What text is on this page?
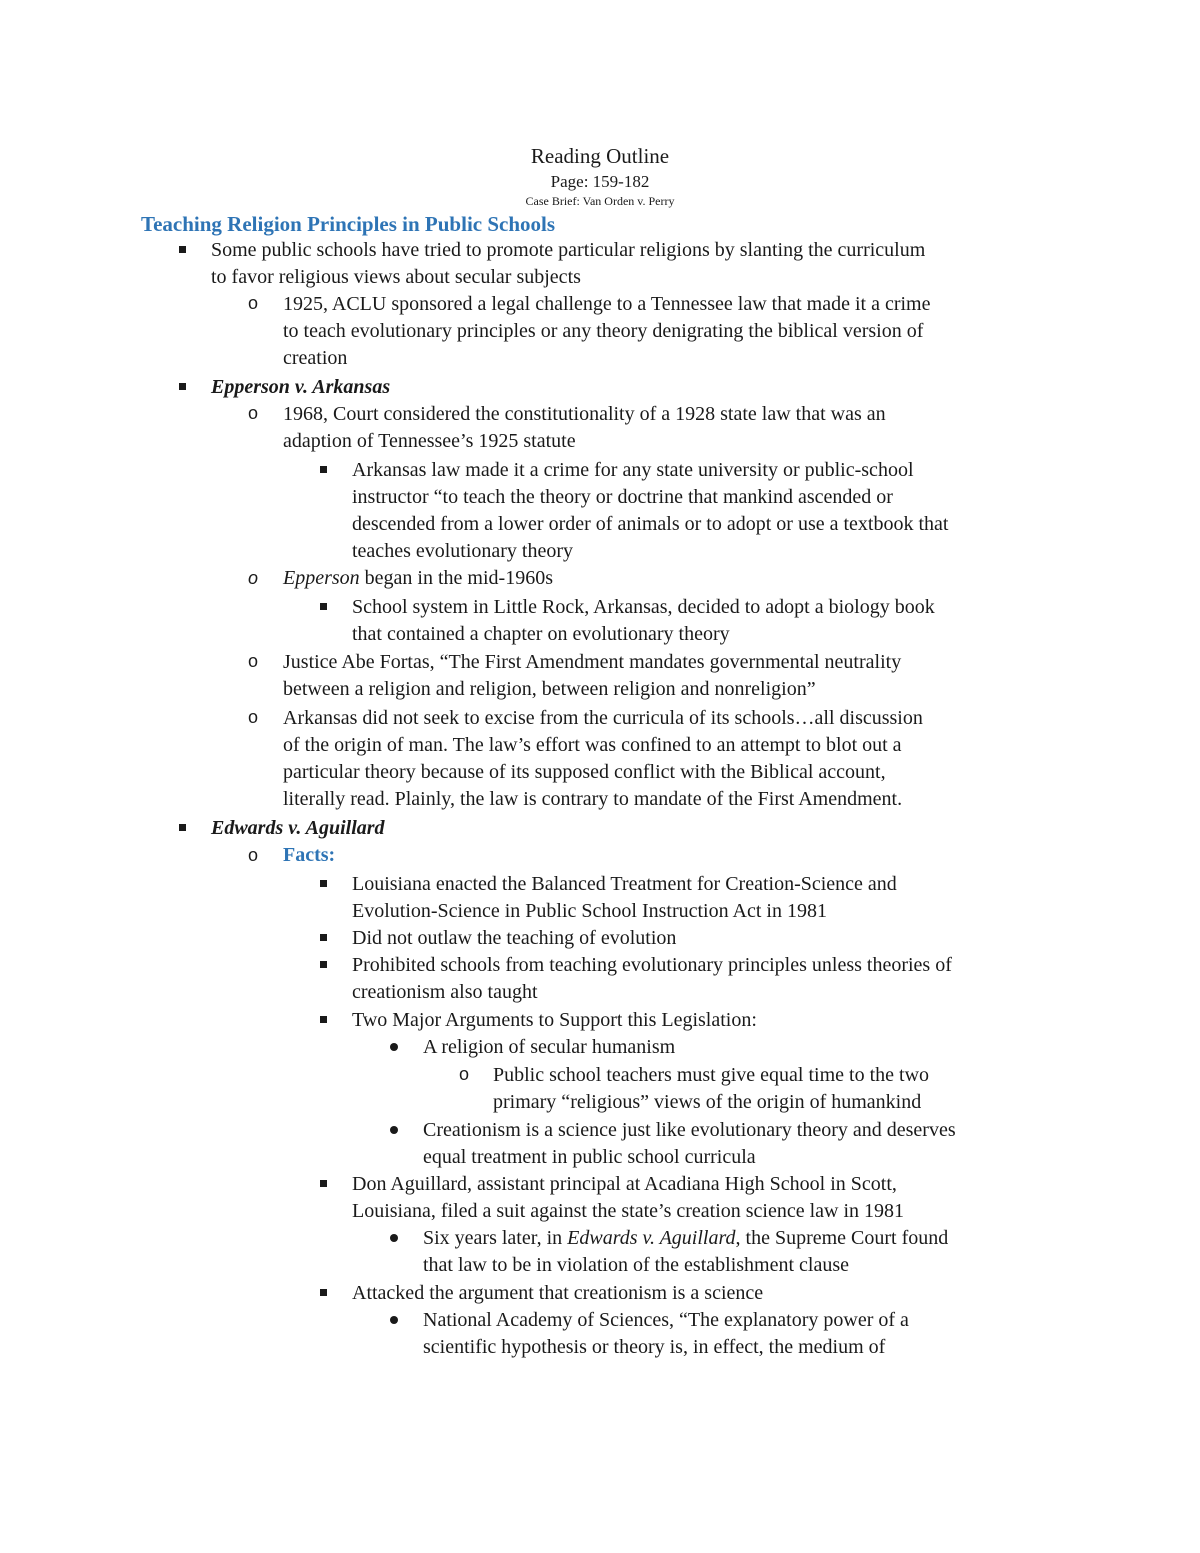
Reading Outline
Page: 159-182
Case Brief: Van Orden v. Perry
Teaching Religion Principles in Public Schools
Some public schools have tried to promote particular religions by slanting the curriculum
to favor religious views about secular subjects
o 1925, ACLU sponsored a legal challenge to a Tennessee law that made it a crime
to teach evolutionary principles or any theory denigrating the biblical version of
creation
Epperson v. Arkansas
o 1968, Court considered the constitutionality of a 1928 state law that was an
adaption of Tennessee’s 1925 statute
Arkansas law made it a crime for any state university or public-school
instructor “to teach the theory or doctrine that mankind ascended or
descended from a lower order of animals or to adopt or use a textbook that
teaches evolutionary theory
o Epperson began in the mid-1960s
School system in Little Rock, Arkansas, decided to adopt a biology book
that contained a chapter on evolutionary theory
o Justice Abe Fortas, “The First Amendment mandates governmental neutrality
between a religion and religion, between religion and nonreligion”
o Arkansas did not seek to excise from the curricula of its schools…all discussion
of the origin of man. The law’s effort was confined to an attempt to blot out a
particular theory because of its supposed conflict with the Biblical account,
literally read. Plainly, the law is contrary to mandate of the First Amendment.
Edwards v. Aguillard
o Facts:
Louisiana enacted the Balanced Treatment for Creation-Science and
Evolution-Science in Public School Instruction Act in 1981
Did not outlaw the teaching of evolution
Prohibited schools from teaching evolutionary principles unless theories of
creationism also taught
Two Major Arguments to Support this Legislation:
A religion of secular humanism
o Public school teachers must give equal time to the two
primary “religious” views of the origin of humankind
Creationism is a science just like evolutionary theory and deserves
equal treatment in public school curricula
Don Aguillard, assistant principal at Acadiana High School in Scott,
Louisiana, filed a suit against the state’s creation science law in 1981
Six years later, in Edwards v. Aguillard, the Supreme Court found
that law to be in violation of the establishment clause
Attacked the argument that creationism is a science
National Academy of Sciences, “The explanatory power of a
scientific hypothesis or theory is, in effect, the medium of
